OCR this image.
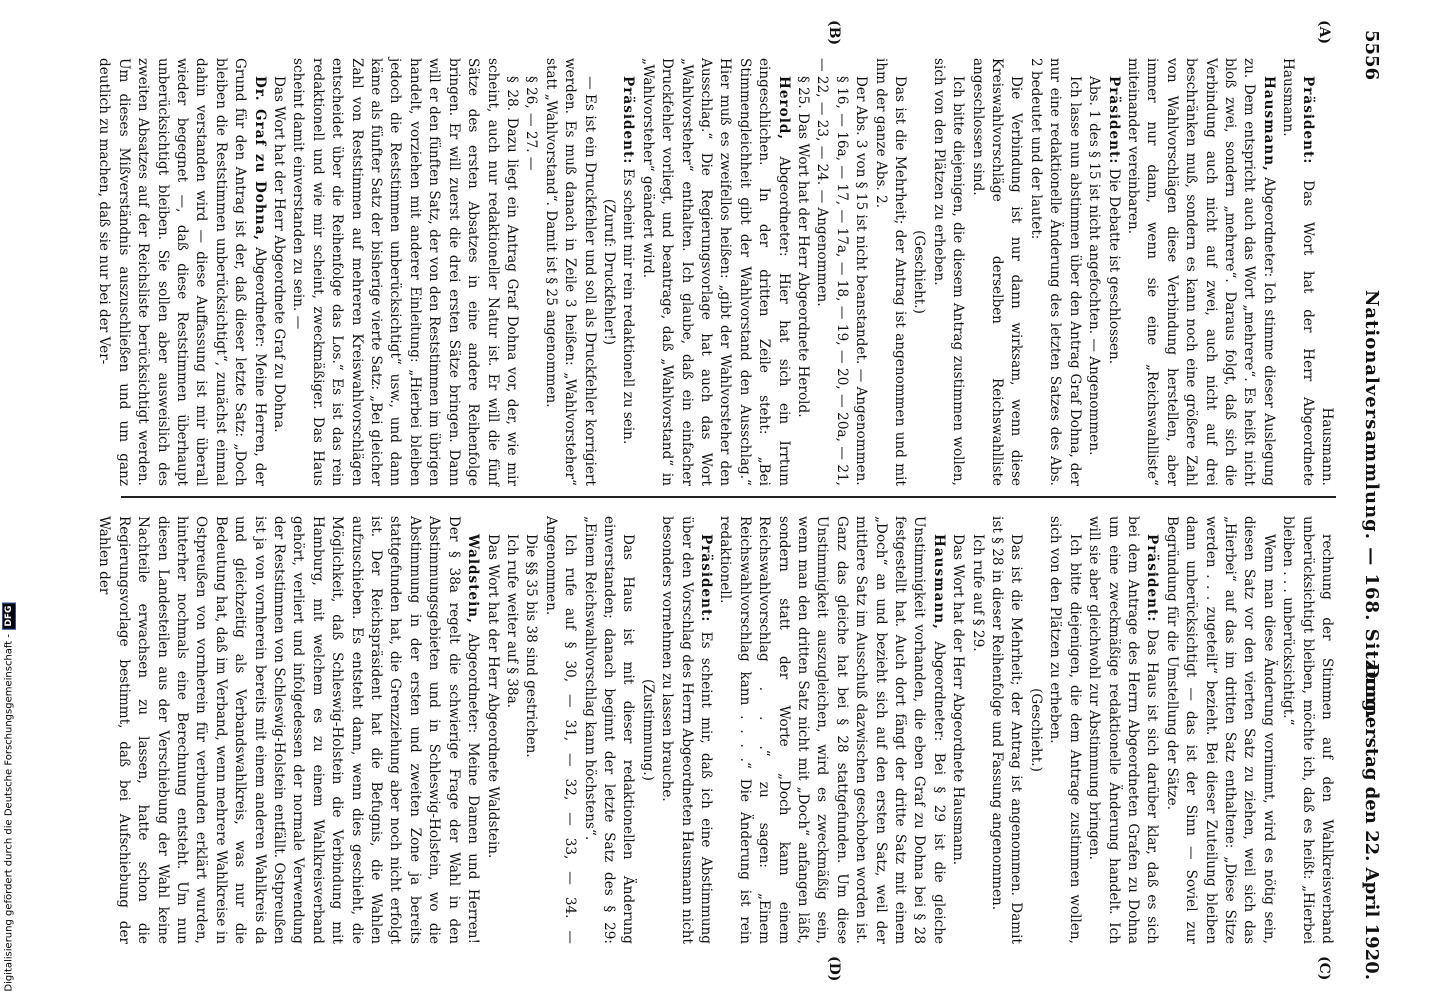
5556
Nationalversammlung. — 168. Sitzung.
Donnerstag den 22. April 1920.
(A)
(B)
(C)
(D)

Hausmann.

Präsident: Das Wort hat der Herr Abgeordnete Hausmann.

Hausmann, Abgeordneter: Ich stimme dieser Auslegung zu. Dem entspricht auch das Wort „mehrere“. Es heißt nicht bloß zwei, sondern „mehrere“. Daraus folgt, daß sich die Verbindung auch nicht auf zwei, auch nicht auf drei beschränken muß, sondern es kann noch eine größere Zahl von Wahlvorschlägen diese Verbindung herstellen, aber immer nur dann, wenn sie eine „Reichswahlliste“ miteinander vereinbaren.

Präsident: Die Debatte ist geschlossen.

Abs. 1 des § 15 ist nicht angefochten. — Angenommen.

Ich lasse nun abstimmen über den Antrag Graf Dohna, der nur eine redaktionelle Änderung des letzten Satzes des Abs. 2 bedeutet und der lautet:

Die Verbindung ist nur dann wirksam, wenn diese Kreiswahlvorschläge derselben Reichswahlliste angeschlossen sind.

Ich bitte diejenigen, die diesem Antrag zustimmen wollen, sich von den Plätzen zu erheben.

(Geschieht.)

Das ist die Mehrheit; der Antrag ist angenommen und mit ihm der ganze Abs. 2.

Der Abs. 3 von § 15 ist nicht beanstandet. — Angenommen.

§ 16, — 16a, — 17, — 17a, — 18, — 19, — 20, — 20a, — 21, — 22, — 23, — 24. — Angenommen.

§ 25. Das Wort hat der Herr Abgeordnete Herold.

Herold, Abgeordneter: Hier hat sich ein Irrtum eingeschlichen. In der dritten Zeile steht: „Bei Stimmengleichheit gibt der Wahlvorstand den Ausschlag.“ Hier muß es zweifellos heißen: „gibt der Wahlvorsteher den Ausschlag.“ Die Regierungsvorlage hat auch das Wort „Wahlvorsteher“ enthalten. Ich glaube, daß ein einfacher Druckfehler vorliegt, und beantrage, daß „Wahlvorstand“ in „Wahlvorsteher“ geändert wird.

Präsident: Es scheint mir rein redaktionell zu sein.

(Zuruf: Druckfehler!)

— Es ist ein Druckfehler und soll als Druckfehler korrigiert werden. Es muß danach in Zeile 3 heißen: „Wahlvorsteher“ statt „Wahlvorstand“. Damit ist § 25 angenommen.

§ 26, — 27. —

§ 28. Dazu liegt ein Antrag Graf Dohna vor, der, wie mir scheint, auch nur redaktioneller Natur ist. Er will die fünf Sätze des ersten Absatzes in eine andere Reihenfolge bringen. Er will zuerst die drei ersten Sätze bringen. Dann will er den fünften Satz, der von den Reststimmen im übrigen handelt, vorziehen mit anderer Einleitung: „Hierbei bleiben jedoch die Reststimmen unberücksichtigt“ usw., und dann käme als fünfter Satz der bisherige vierte Satz: „Bei gleicher Zahl von Reststimmen auf mehreren Kreiswahlvorschlägen entscheidet über die Reihenfolge das Los.“ Es ist das rein redaktionell und wie mir scheint, zweckmäßiger. Das Haus scheint damit einverstanden zu sein. —

Das Wort hat der Herr Abgeordnete Graf zu Dohna.

Dr. Graf zu Dohna, Abgeordneter: Meine Herren, der Grund für den Antrag ist der, daß dieser letzte Satz: „Doch bleiben die Reststimmen unberücksichtigt“, zunächst einmal dahin verstanden wird — diese Auffassung ist mir überall wieder begegnet —, daß diese Reststimmen überhaupt unberücksichtigt bleiben. Sie sollen aber ausweislich des zweiten Absatzes auf der Reichsliste berücksichtigt werden. Um dieses Mißverständnis auszuschließen und um ganz deutlich zu machen, daß sie nur bei der Ver-

rechnung der Stimmen auf den Wahlkreisverband unberücksichtigt bleiben, möchte ich, daß es heißt: „Hierbei bleiben . . . unberücksichtigt.“

Wenn man diese Änderung vornimmt, wird es nötig sein, diesen Satz vor den vierten Satz zu ziehen, weil sich das „Hierbei“ auf das im dritten Satz enthaltene: „Diese Sitze werden . . . zugeteilt“ bezieht. Bei dieser Zuteilung bleiben dann unberücksichtigt — das ist der Sinn — Soviel zur Begründung für die Umstellung der Sätze.

Präsident: Das Haus ist sich darüber klar, daß es sich bei dem Antrage des Herrn Abgeordneten Grafen zu Dohna um eine zweckmäßige redaktionelle Änderung handelt. Ich will sie aber gleichwohl zur Abstimmung bringen.

Ich bitte diejenigen, die dem Antrage zustimmen wollen, sich von den Plätzen zu erheben.

(Geschieht.)

Das ist die Mehrheit; der Antrag ist angenommen. Damit ist § 28 in dieser Reihenfolge und Fassung angenommen.

Ich rufe auf § 29.

Das Wort hat der Herr Abgeordnete Hausmann.

Hausmann, Abgeordneter: Bei § 29 ist die gleiche Unstimmigkeit vorhanden, die eben Graf zu Dohna bei § 28 festgestellt hat. Auch dort fängt der dritte Satz mit einem „Doch“ an und bezieht sich auf den ersten Satz, weil der mittlere Satz im Ausschuß dazwischen geschoben worden ist. Ganz das gleiche hat bei § 28 stattgefunden. Um diese Unstimmigkeit auszugleichen, wird es zweckmäßig sein, wenn man den dritten Satz nicht mit „Doch“ anfangen läßt, sondern statt der Worte „Doch kann einem Reichswahlvorschlag . . .“ zu sagen: „Einem Reichswahlvorschlag kann . . . .“ Die Änderung ist rein redaktionell.

Präsident: Es scheint mir, daß ich eine Abstimmung über den Vorschlag des Herrn Abgeordneten Hausmann nicht besonders vornehmen zu lassen brauche.

(Zustimmung.)

Das Haus ist mit dieser redaktionellen Änderung einverstanden; danach beginnt der letzte Satz des § 29: „Einem Reichswahlvorschlag kann höchstens“.

Ich rufe auf § 30, — 31, — 32, — 33, — 34. — Angenommen.

Die §§ 35 bis 38 sind gestrichen.

Ich rufe weiter auf § 38a.

Das Wort hat der Herr Abgeordnete Waldstein.

Waldstein, Abgeordneter: Meine Damen und Herren! Der § 38a regelt die schwierige Frage der Wahl in den Abstimmungsgebieten und in Schleswig-Holstein, wo die Abstimmung in der ersten und zweiten Zone ja bereits stattgefunden hat, die Grenzziehung aber noch nicht erfolgt ist. Der Reichspräsident hat die Befugnis, die Wahlen aufzuschieben. Es entsteht dann, wenn dies geschieht, die Möglichkeit, daß Schleswig-Holstein die Verbindung mit Hamburg, mit welchem es zu einem Wahlkreisverband gehört, verliert und infolgedessen der normale Verwendung der Reststimmen von Schleswig-Holstein entfällt. Ostpreußen ist ja von vornherein bereits mit einem anderen Wahlkreis da und gleichzeitig als Verbandswahlkreis, was nur die Bedeutung hat, daß im Verband, wenn mehrere Wahlkreise in Ostpreußen von vornherein für verbunden erklärt wurden, hinterher nochmals eine Berechnung entsteht. Um nun diesen Landesteilen aus der Verschiebung der Wahl keine Nachteile erwachsen zu lassen, hatte schon die Regierungsvorlage bestimmt, daß bei Aufschiebung der Wahlen der

Digitalisierung gefördert durch die Deutsche Forschungsgemeinschaft -
DFG
